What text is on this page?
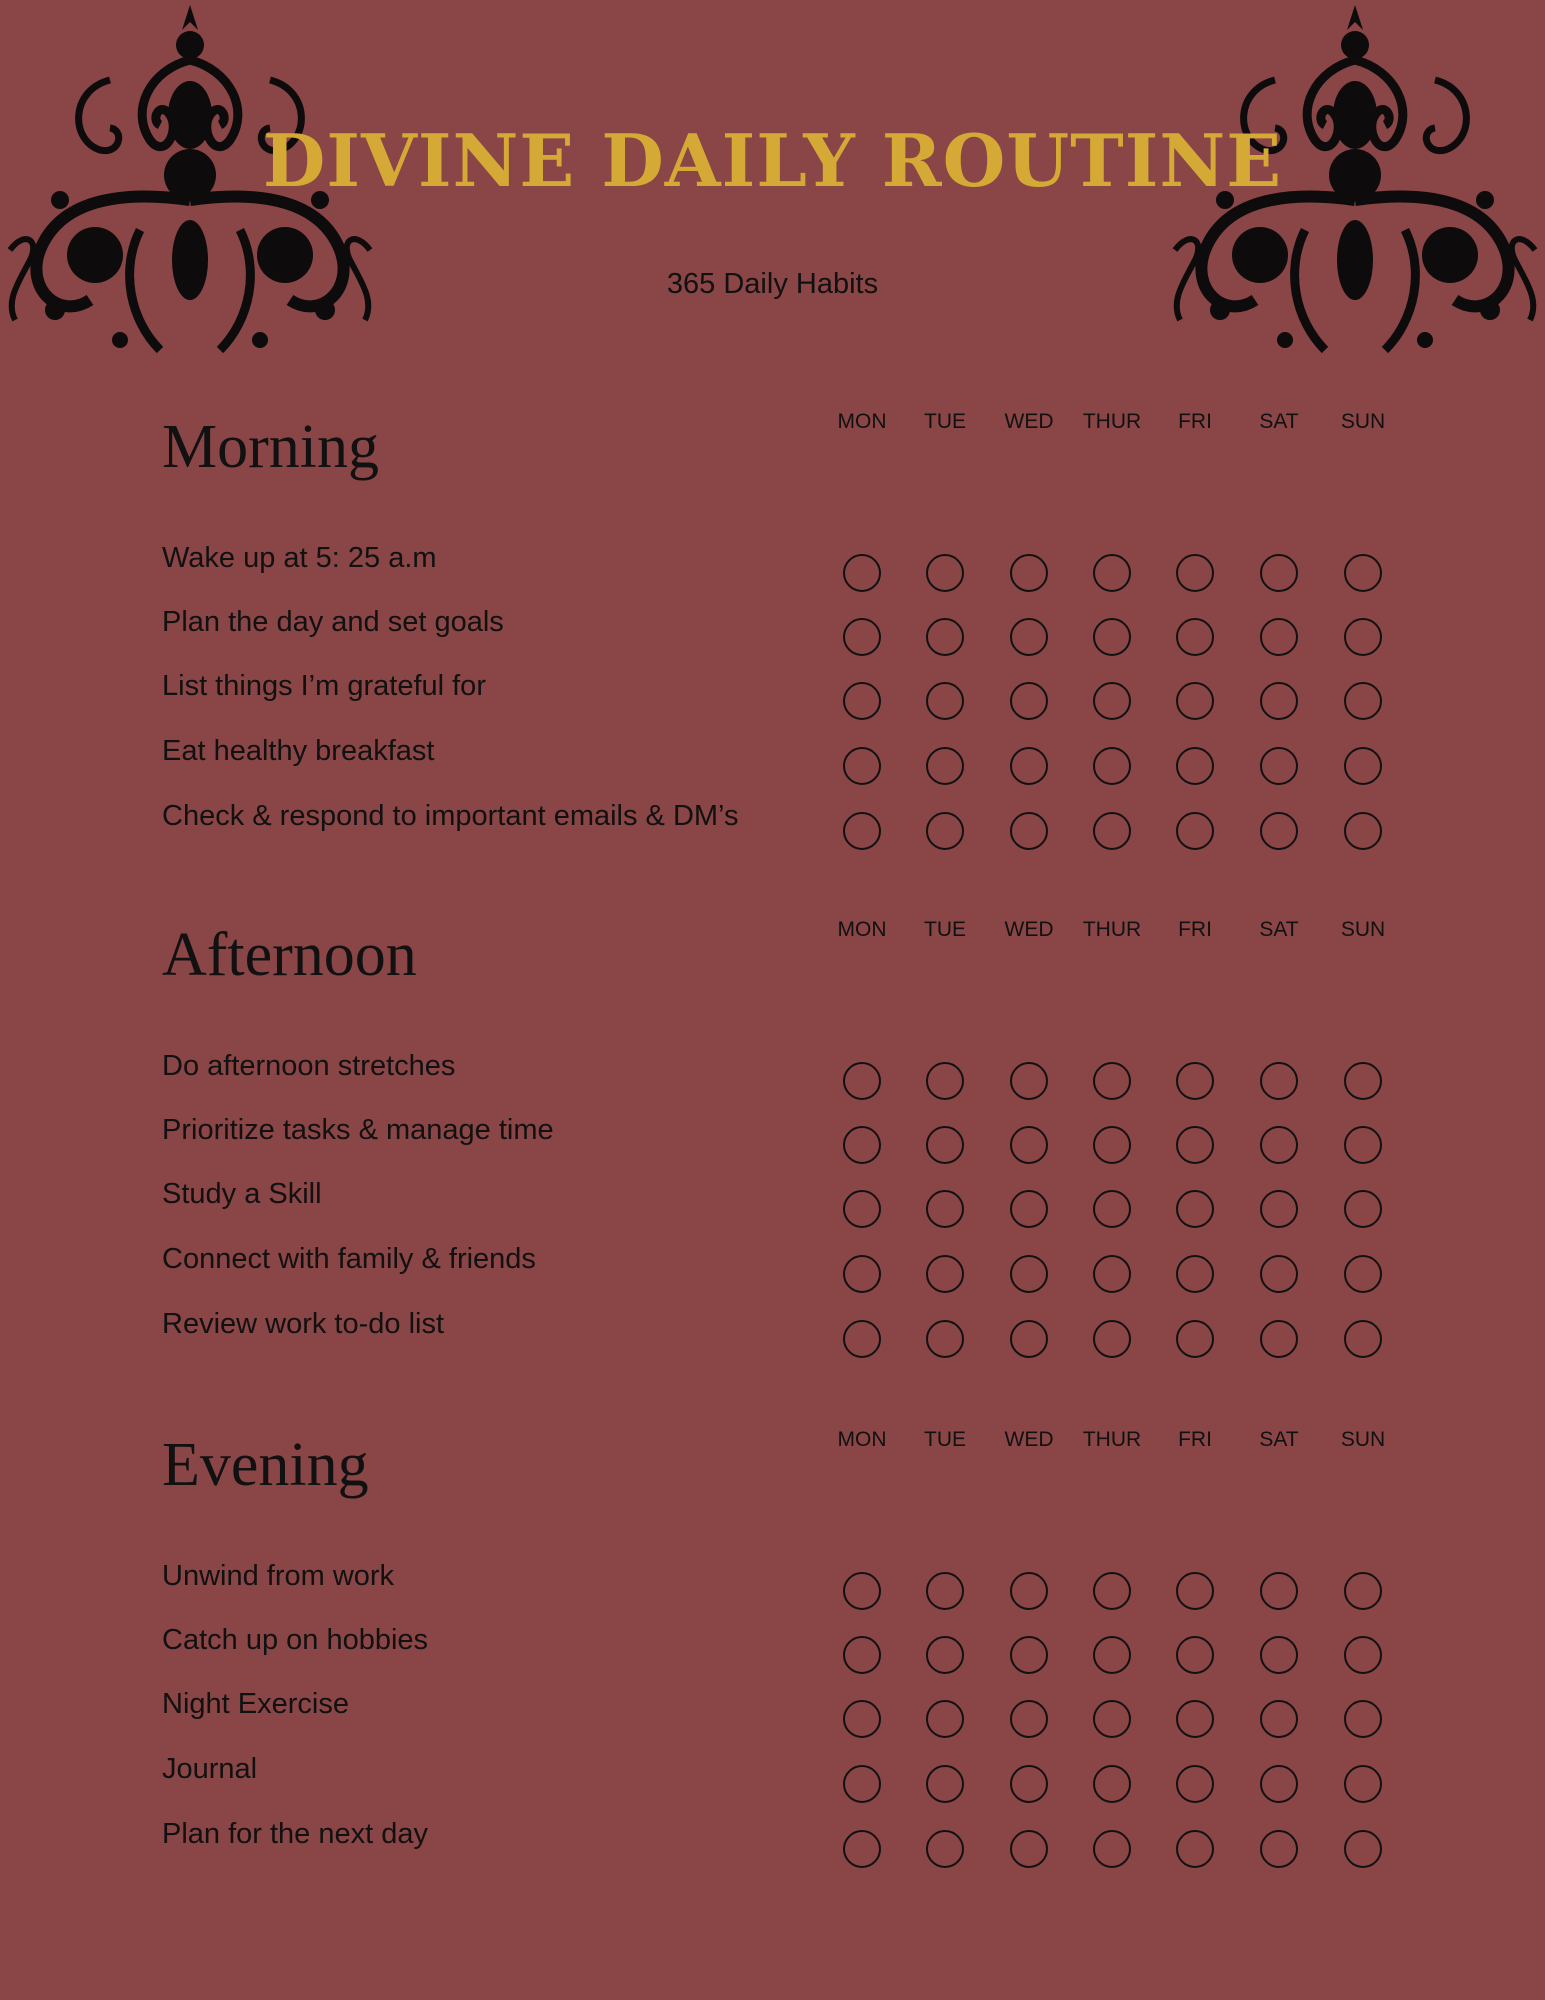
DIVINE DAILY ROUTINE
365 Daily Habits
Morning	MON	TUE	WED	THUR	FRI	SAT	SUN
Wake up at 5: 25 a.m
Plan the day and set goals
List things I’m grateful for
Eat healthy breakfast
Check & respond to important emails & DM’s
Afternoon	MON	TUE	WED	THUR	FRI	SAT	SUN
Do afternoon stretches
Prioritize tasks & manage time
Study a Skill
Connect with family & friends
Review work to-do list
Evening	MON	TUE	WED	THUR	FRI	SAT	SUN
Unwind from work
Catch up on hobbies
Night Exercise
Journal
Plan for the next day
